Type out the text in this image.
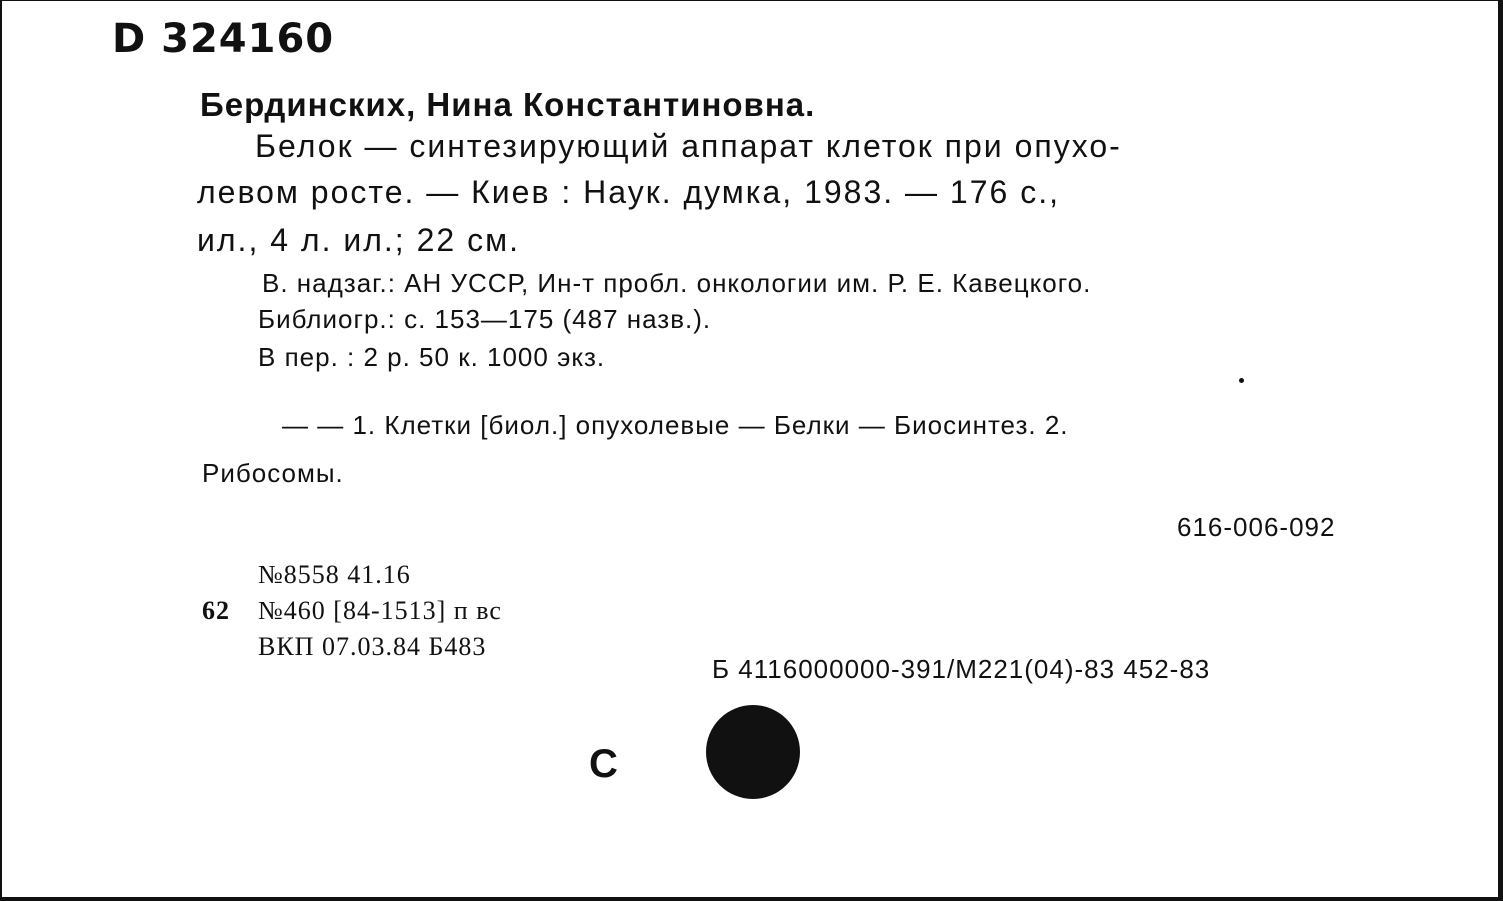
D 324160
Бердинских, Нина Константиновна.
Белок — синтезирующий аппарат клеток при опухо-
левом росте. — Киев : Наук. думка, 1983. — 176 с.,
ил., 4 л. ил.; 22 см.
В. надзаг.: АН УССР, Ин-т пробл. онкологии им. Р. Е. Кавецкого.
Библиогр.: с. 153—175 (487 назв.).
В пер. : 2 р. 50 к. 1000 экз.
— — 1. Клетки [биол.] опухолевые — Белки — Биосинтез. 2.
Рибосомы.
616-006-092
№8558 41.16
62 №460 [84-1513] п вс
ВКП 07.03.84 Б483
Б 4116000000-391/М221(04)-83 452-83
С
